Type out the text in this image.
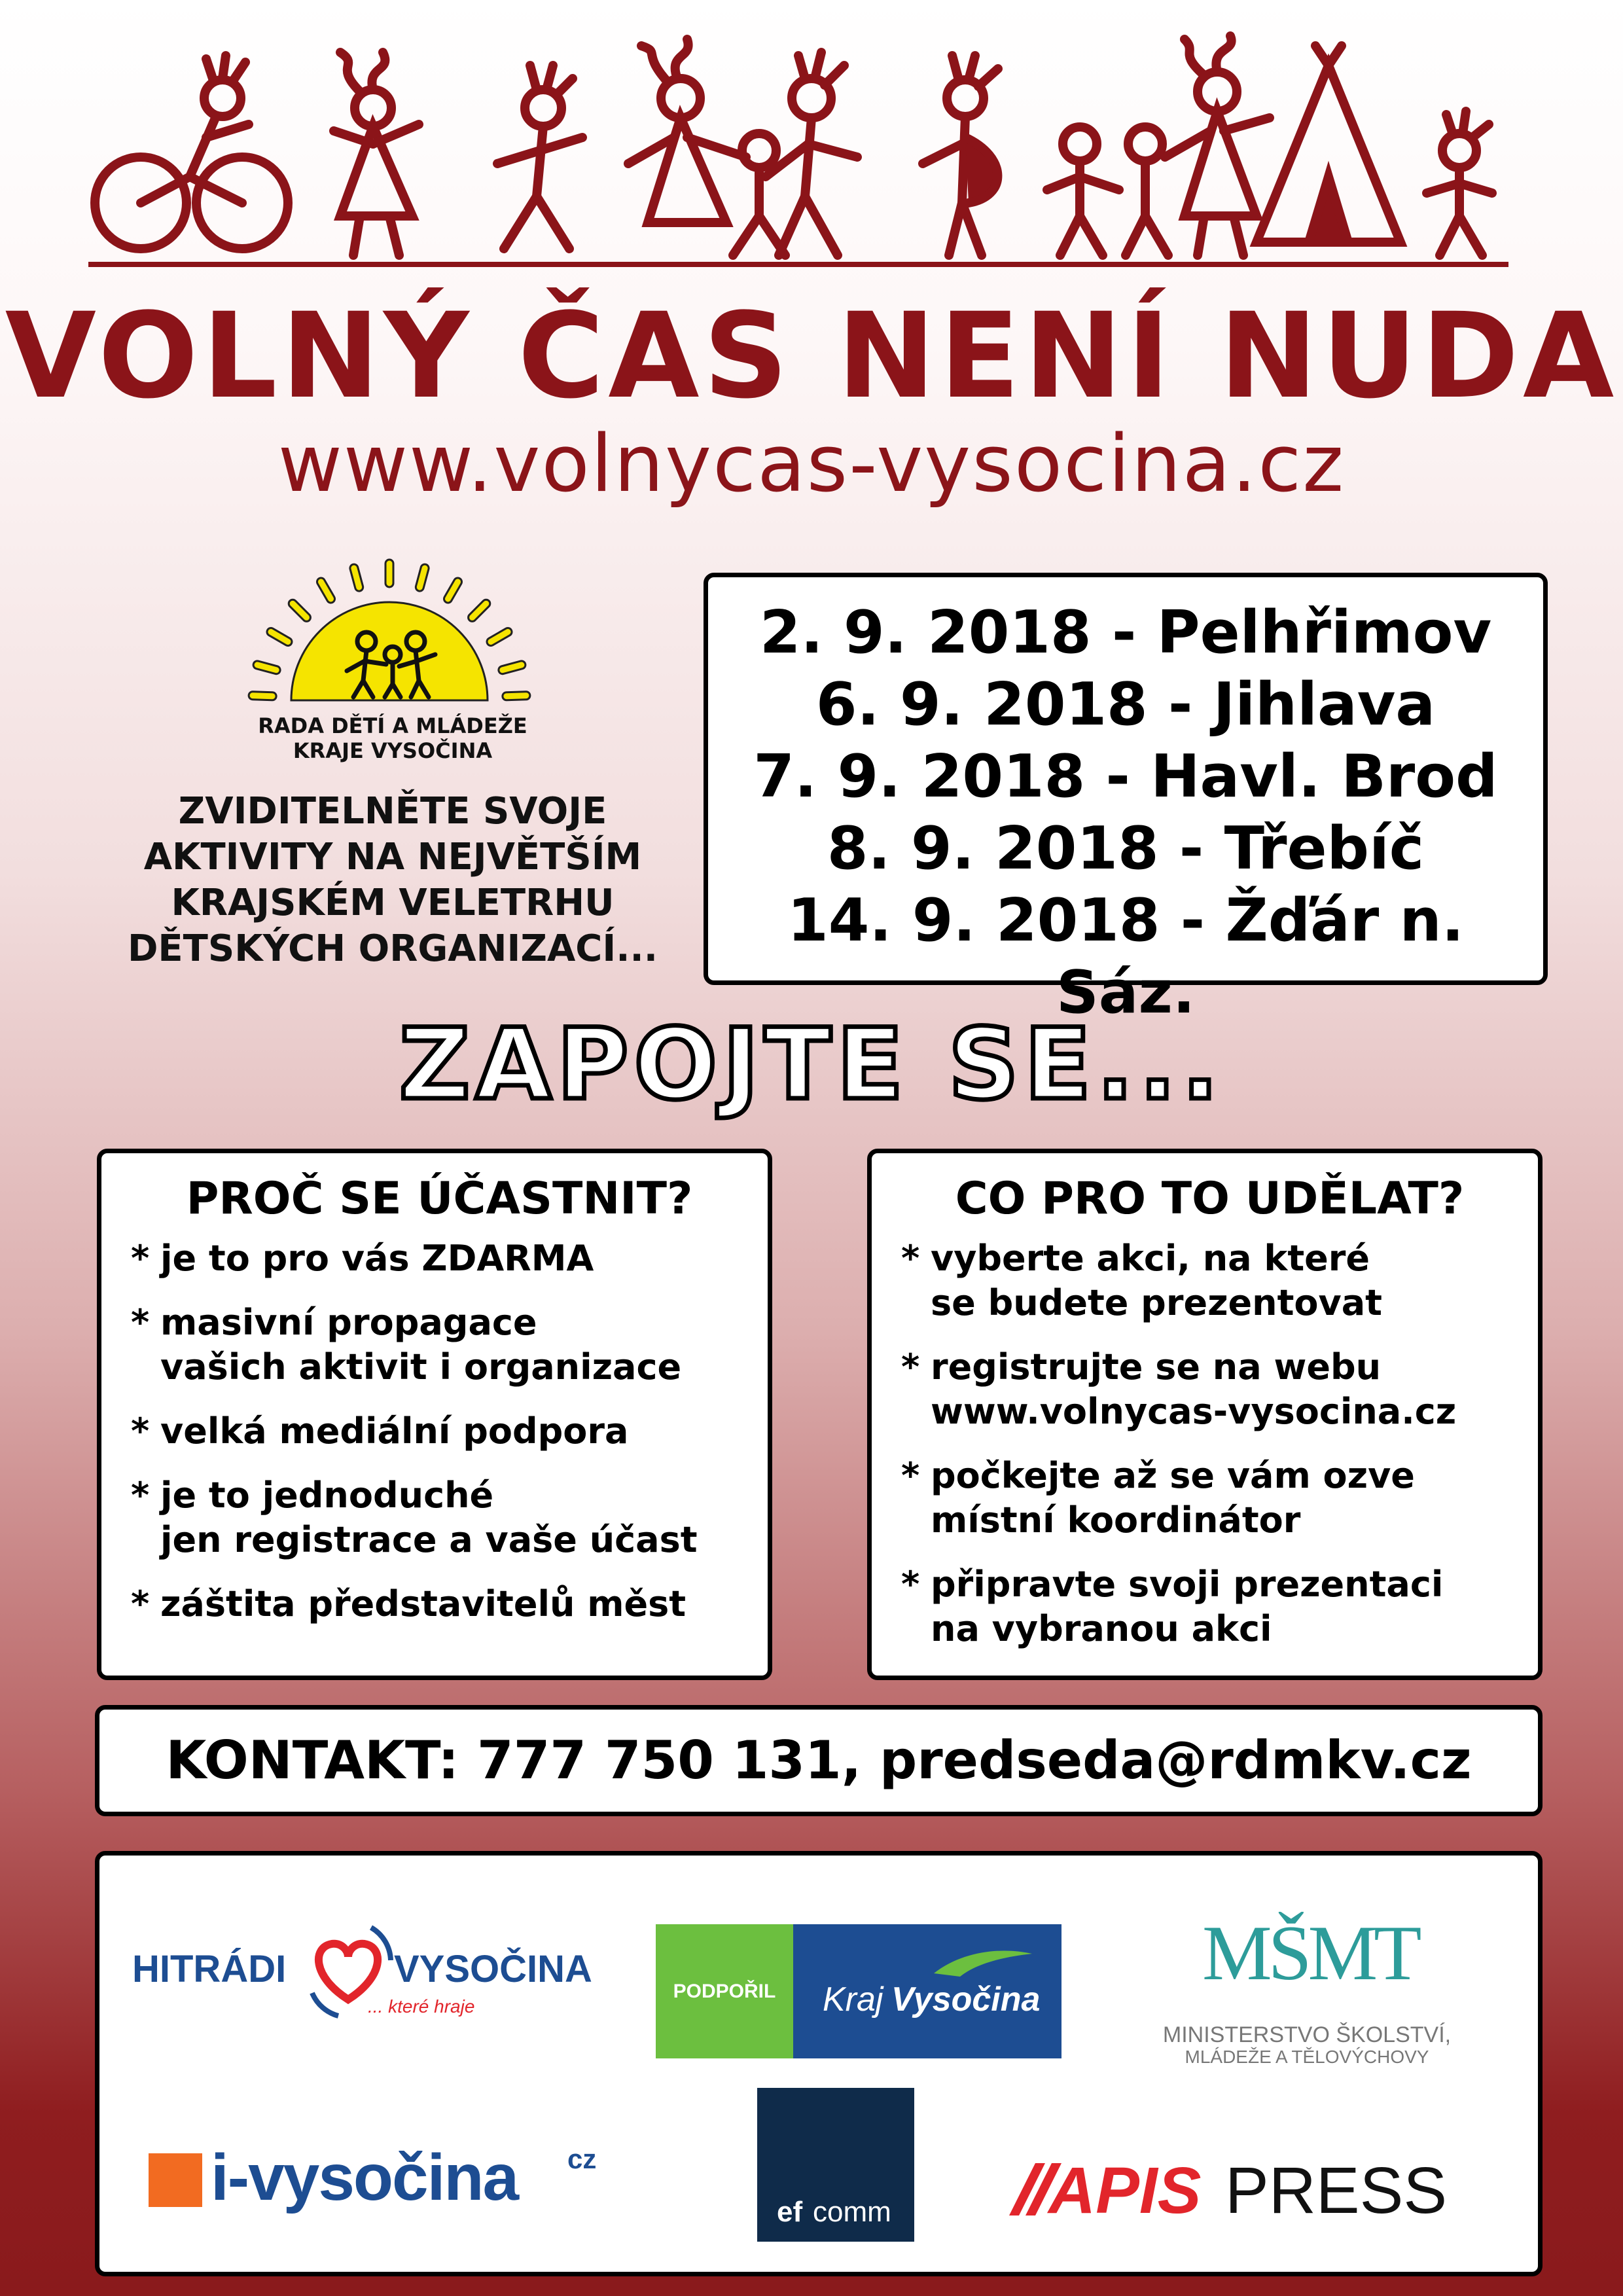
VOLNÝ ČAS NENÍ NUDA
www.volnycas-vysocina.cz
RADA DĚTÍ A MLÁDEŽE
KRAJE VYSOČINA
ZVIDITELNĚTE SVOJE
AKTIVITY NA NEJVĚTŠÍM
KRAJSKÉM VELETRHU
DĚTSKÝCH ORGANIZACÍ...
2. 9. 2018 - Pelhřimov
6. 9. 2018 - Jihlava
7. 9. 2018 - Havl. Brod
8. 9. 2018 - Třebíč
14. 9. 2018 - Žďár n. Sáz.
ZAPOJTE SE...
PROČ SE ÚČASTNIT?
* je to pro vás ZDARMA
* masivní propagace
vašich aktivit i organizace
* velká mediální podpora
* je to jednoduché
jen registrace a vaše účast
* záštita představitelů měst
CO PRO TO UDĚLAT?
* vyberte akci, na které
se budete prezentovat
* registrujte se na webu
www.volnycas-vysocina.cz
* počkejte až se vám ozve
místní koordinátor
* připravte svoji prezentaci
na vybranou akci
KONTAKT: 777 750 131, predseda@rdmkv.cz
HITRÁDI	VYSOČINA
... které hraje
PODPOŘIL	Kraj Vysočina
MŠMT
MINISTERSTVO ŠKOLSTVÍ,
MLÁDEŽE A TĚLOVÝCHOVY
i-vysočina cz
ef comm APIS PRESS
